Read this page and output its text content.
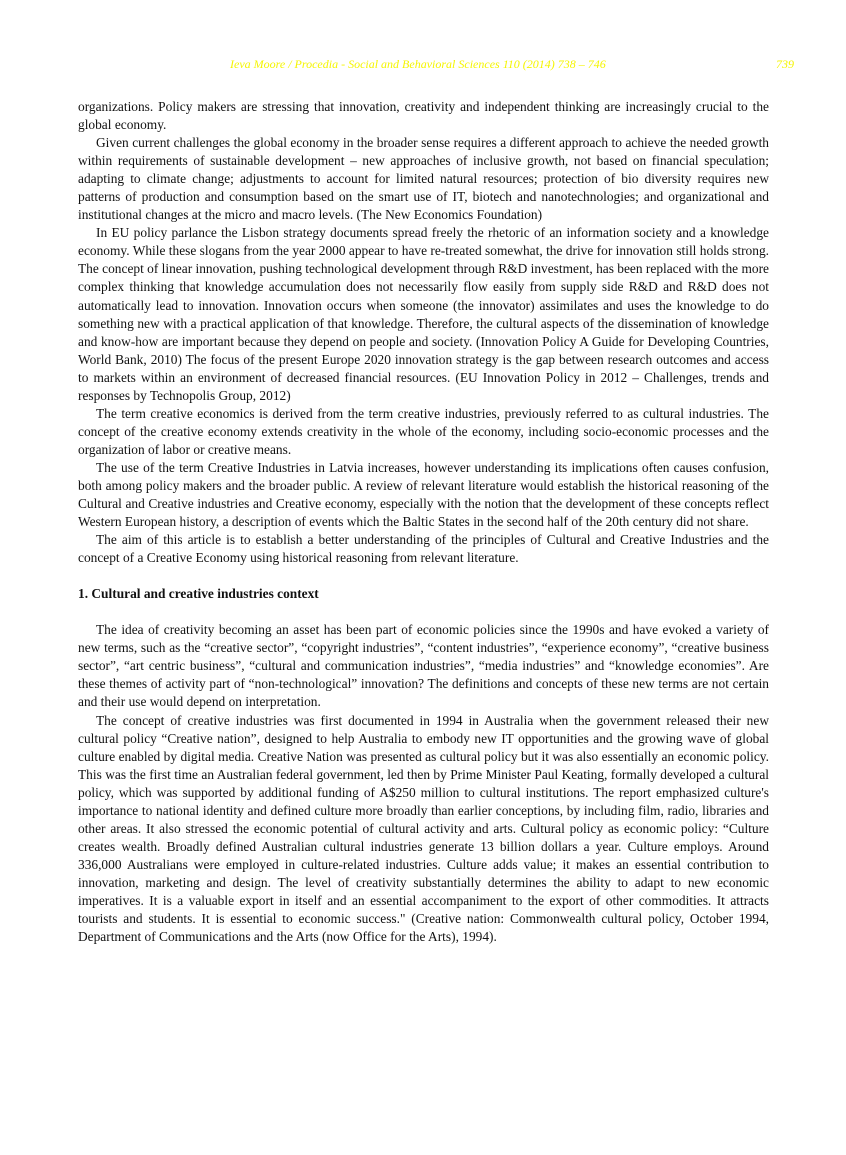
Ieva Moore / Procedia - Social and Behavioral Sciences 110 (2014) 738 – 746	739

organizations. Policy makers are stressing that innovation, creativity and independent thinking are increasingly crucial to the global economy.

Given current challenges the global economy in the broader sense requires a different approach to achieve the needed growth within requirements of sustainable development – new approaches of inclusive growth, not based on financial speculation; adapting to climate change; adjustments to account for limited natural resources; protection of bio diversity requires new patterns of production and consumption based on the smart use of IT, biotech and nanotechnologies; and organizational and institutional changes at the micro and macro levels. (The New Economics Foundation)

In EU policy parlance the Lisbon strategy documents spread freely the rhetoric of an information society and a knowledge economy. While these slogans from the year 2000 appear to have re-treated somewhat, the drive for innovation still holds strong. The concept of linear innovation, pushing technological development through R&D investment, has been replaced with the more complex thinking that knowledge accumulation does not necessarily flow easily from supply side R&D and R&D does not automatically lead to innovation. Innovation occurs when someone (the innovator) assimilates and uses the knowledge to do something new with a practical application of that knowledge. Therefore, the cultural aspects of the dissemination of knowledge and know-how are important because they depend on people and society. (Innovation Policy A Guide for Developing Countries, World Bank, 2010) The focus of the present Europe 2020 innovation strategy is the gap between research outcomes and access to markets within an environment of decreased financial resources. (EU Innovation Policy in 2012 – Challenges, trends and responses by Technopolis Group, 2012)

The term creative economics is derived from the term creative industries, previously referred to as cultural industries. The concept of the creative economy extends creativity in the whole of the economy, including socio-economic processes and the organization of labor or creative means.

The use of the term Creative Industries in Latvia increases, however understanding its implications often causes confusion, both among policy makers and the broader public. A review of relevant literature would establish the historical reasoning of the Cultural and Creative industries and Creative economy, especially with the notion that the development of these concepts reflect Western European history, a description of events which the Baltic States in the second half of the 20th century did not share.

The aim of this article is to establish a better understanding of the principles of Cultural and Creative Industries and the concept of a Creative Economy using historical reasoning from relevant literature.

1. Cultural and creative industries context

The idea of creativity becoming an asset has been part of economic policies since the 1990s and have evoked a variety of new terms, such as the “creative sector”, “copyright industries”, “content industries”, “experience economy”, “creative business sector”, “art centric business”, “cultural and communication industries”, “media industries” and “knowledge economies”. Are these themes of activity part of “non-technological” innovation? The definitions and concepts of these new terms are not certain and their use would depend on interpretation.

The concept of creative industries was first documented in 1994 in Australia when the government released their new cultural policy “Creative nation”, designed to help Australia to embody new IT opportunities and the growing wave of global culture enabled by digital media. Creative Nation was presented as cultural policy but it was also essentially an economic policy. This was the first time an Australian federal government, led then by Prime Minister Paul Keating, formally developed a cultural policy, which was supported by additional funding of A$250 million to cultural institutions. The report emphasized culture's importance to national identity and defined culture more broadly than earlier conceptions, by including film, radio, libraries and other areas. It also stressed the economic potential of cultural activity and arts. Cultural policy as economic policy: “Culture creates wealth. Broadly defined Australian cultural industries generate 13 billion dollars a year. Culture employs. Around 336,000 Australians were employed in culture-related industries. Culture adds value; it makes an essential contribution to innovation, marketing and design. The level of creativity substantially determines the ability to adapt to new economic imperatives. It is a valuable export in itself and an essential accompaniment to the export of other commodities. It attracts tourists and students. It is essential to economic success." (Creative nation: Commonwealth cultural policy, October 1994, Department of Communications and the Arts (now Office for the Arts), 1994).
